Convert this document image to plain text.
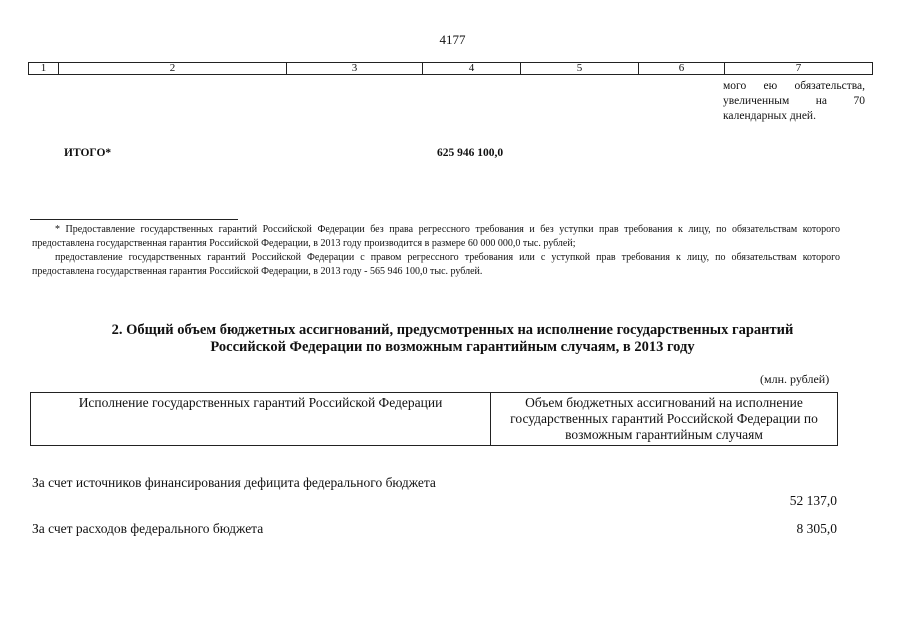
4177
1	2	3	4	5	6	7
мого ею обязательства, увеличенным на 70 календарных дней.
ИТОГО*	625 946 100,0

* Предоставление государственных гарантий Российской Федерации без права регрессного требования и без уступки прав требования к лицу, по обязательствам которого предоставлена государственная гарантия Российской Федерации, в 2013 году производится в размере 60 000 000,0 тыс. рублей;

предоставление государственных гарантий Российской Федерации с правом регрессного требования или с уступкой прав требования к лицу, по обязательствам которого предоставлена государственная гарантия Российской Федерации, в 2013 году - 565 946 100,0 тыс. рублей.

2. Общий объем бюджетных ассигнований, предусмотренных на исполнение государственных гарантий
Российской Федерации по возможным гарантийным случаям, в 2013 году
(млн. рублей)
Исполнение государственных гарантий Российской Федерации	Объем бюджетных ассигнований на исполнение государственных гарантий Российской Федерации по возможным гарантийным случаям
За счет источников финансирования дефицита федерального бюджета
52 137,0
За счет расходов федерального бюджета	8 305,0
